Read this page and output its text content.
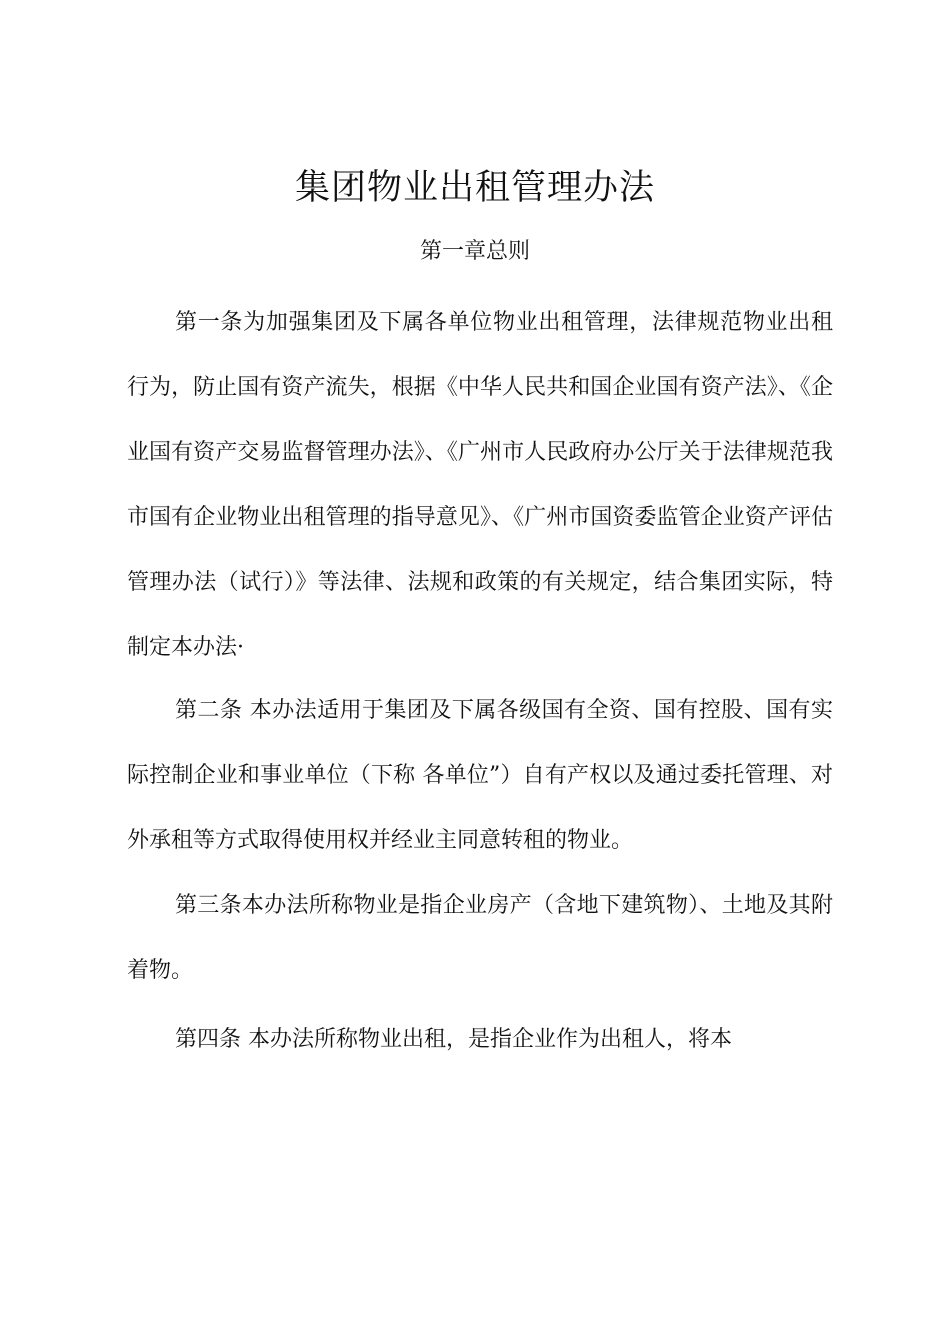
集团物业出租管理办法
第一章总则

第一条为加强集团及下属各单位物业出租管理，法律规范物业出租行为，防止国有资产流失，根据《中华人民共和国企业国有资产法》、《企业国有资产交易监督管理办法》、《广州市人民政府办公厅关于法律规范我市国有企业物业出租管理的指导意见》、《广州市国资委监管企业资产评估管理办法（试行）》等法律、法规和政策的有关规定，结合集团实际，特制定本办法·

第二条 本办法适用于集团及下属各级国有全资、国有控股、国有实际控制企业和事业单位（下称 各单位”）自有产权以及通过委托管理、对外承租等方式取得使用权并经业主同意转租的物业。

第三条本办法所称物业是指企业房产（含地下建筑物）、土地及其附着物。

第四条 本办法所称物业出租，是指企业作为出租人，将本
